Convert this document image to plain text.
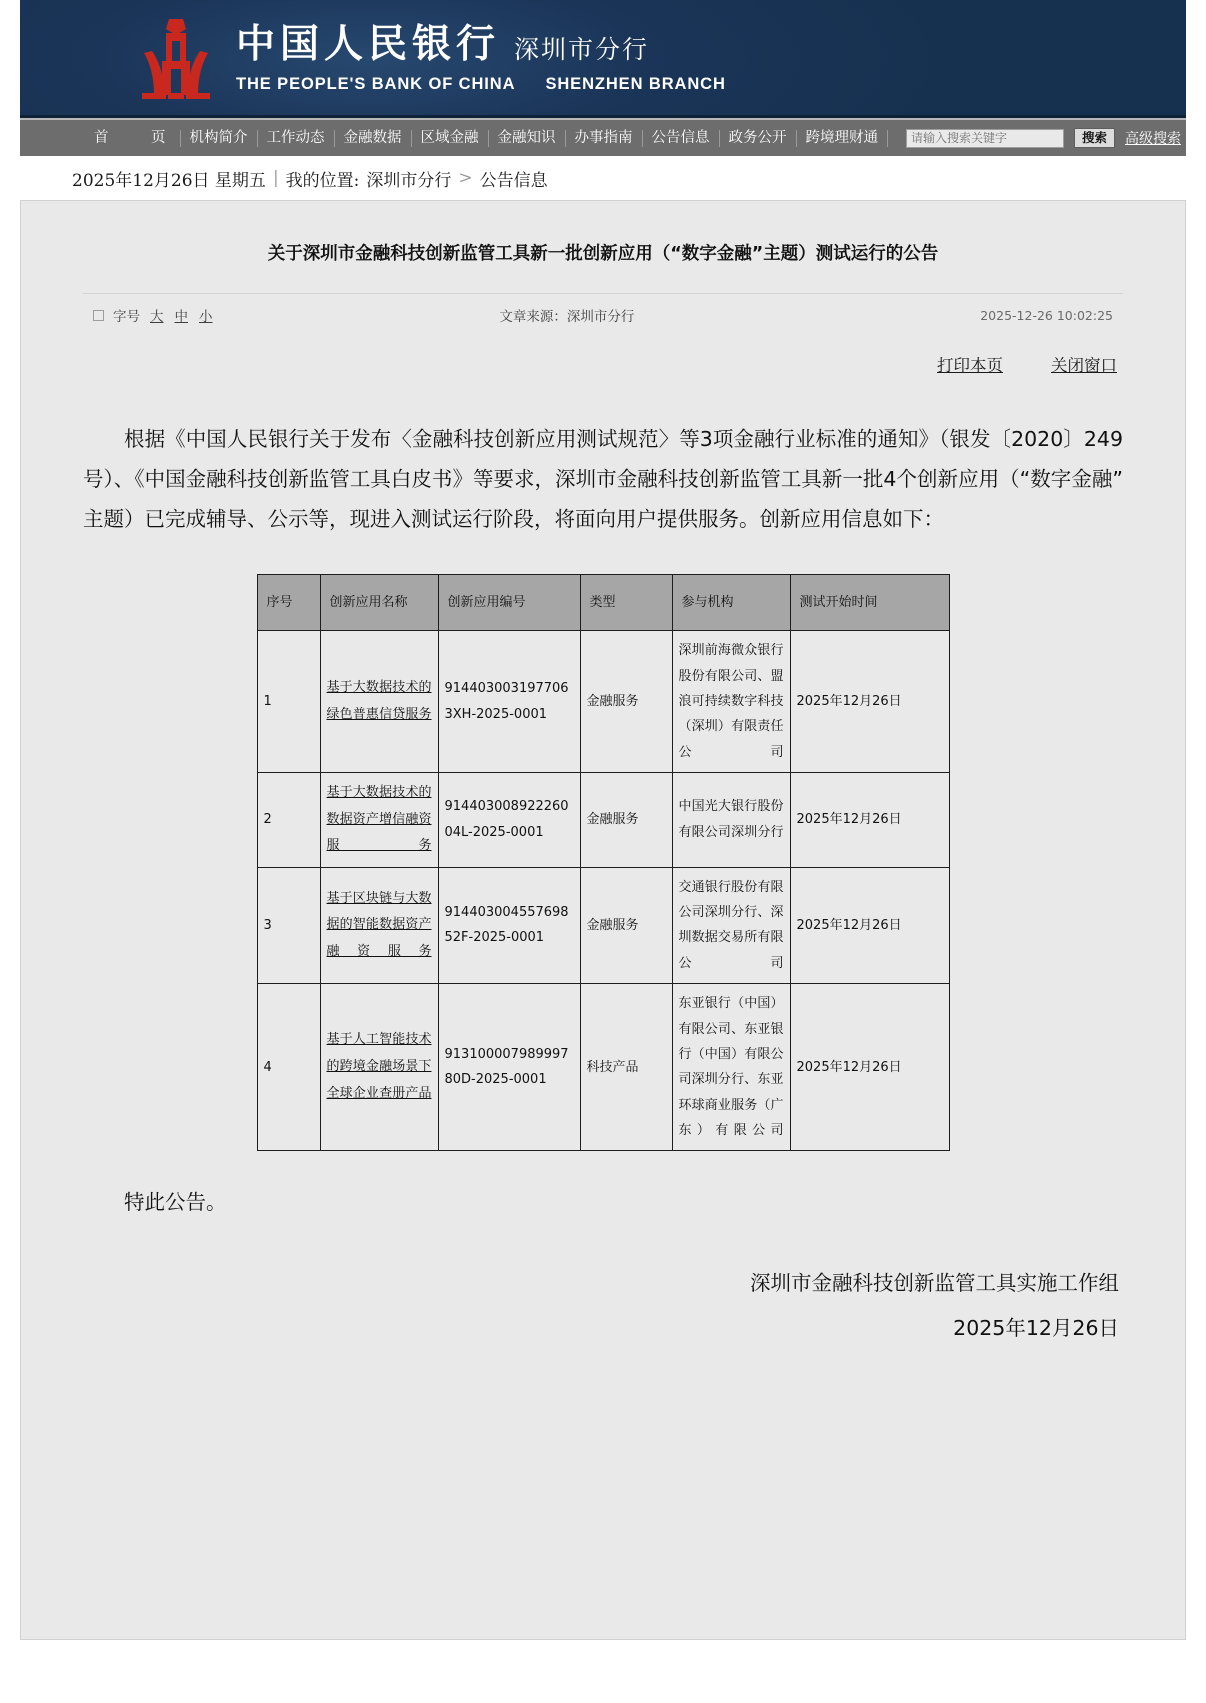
中国人民银行 深圳市分行
THE PEOPLE'S BANK OF CHINA SHENZHEN BRANCH
首　页 机构简介	工作动态	金融数据	区域金融	金融知识	办事指南	公告信息	政务公开	跨境理财通
请输入搜索关键字	搜索	高级搜索
2025年12月26日 星期五 | 我的位置: 深圳市分行 > 公告信息
关于深圳市金融科技创新监管工具新一批创新应用（“数字金融”主题）测试运行的公告
字号 大 中 小	文章来源：深圳市分行	2025-12-26 10:02:25
打印本页	关闭窗口

根据《中国人民银行关于发布〈金融科技创新应用测试规范〉等3项金融行业标准的通知》（银发〔2020〕249号）、《中国金融科技创新监管工具白皮书》等要求，深圳市金融科技创新监管工具新一批4个创新应用（“数字金融”主题）已完成辅导、公示等，现进入测试运行阶段，将面向用户提供服务。创新应用信息如下：

序号	创新应用名称	创新应用编号	类型	参与机构	测试开始时间
1	基于大数据技术的绿色普惠信贷服务	9144030031977063XH-2025-0001	金融服务	深圳前海微众银行股份有限公司、盟浪可持续数字科技（深圳）有限责任公司	2025年12月26日
2	基于大数据技术的数据资产增信融资服务	91440300892226004L-2025-0001	金融服务	中国光大银行股份有限公司深圳分行	2025年12月26日
3	基于区块链与大数据的智能数据资产融资服务	91440300455769852F-2025-0001	金融服务	交通银行股份有限公司深圳分行、深圳数据交易所有限公司	2025年12月26日
4	基于人工智能技术的跨境金融场景下全球企业查册产品	91310000798999780D-2025-0001	科技产品	东亚银行（中国）有限公司、东亚银行（中国）有限公司深圳分行、东亚环球商业服务（广东）有限公司	2025年12月26日
特此公告。
深圳市金融科技创新监管工具实施工作组
2025年12月26日
